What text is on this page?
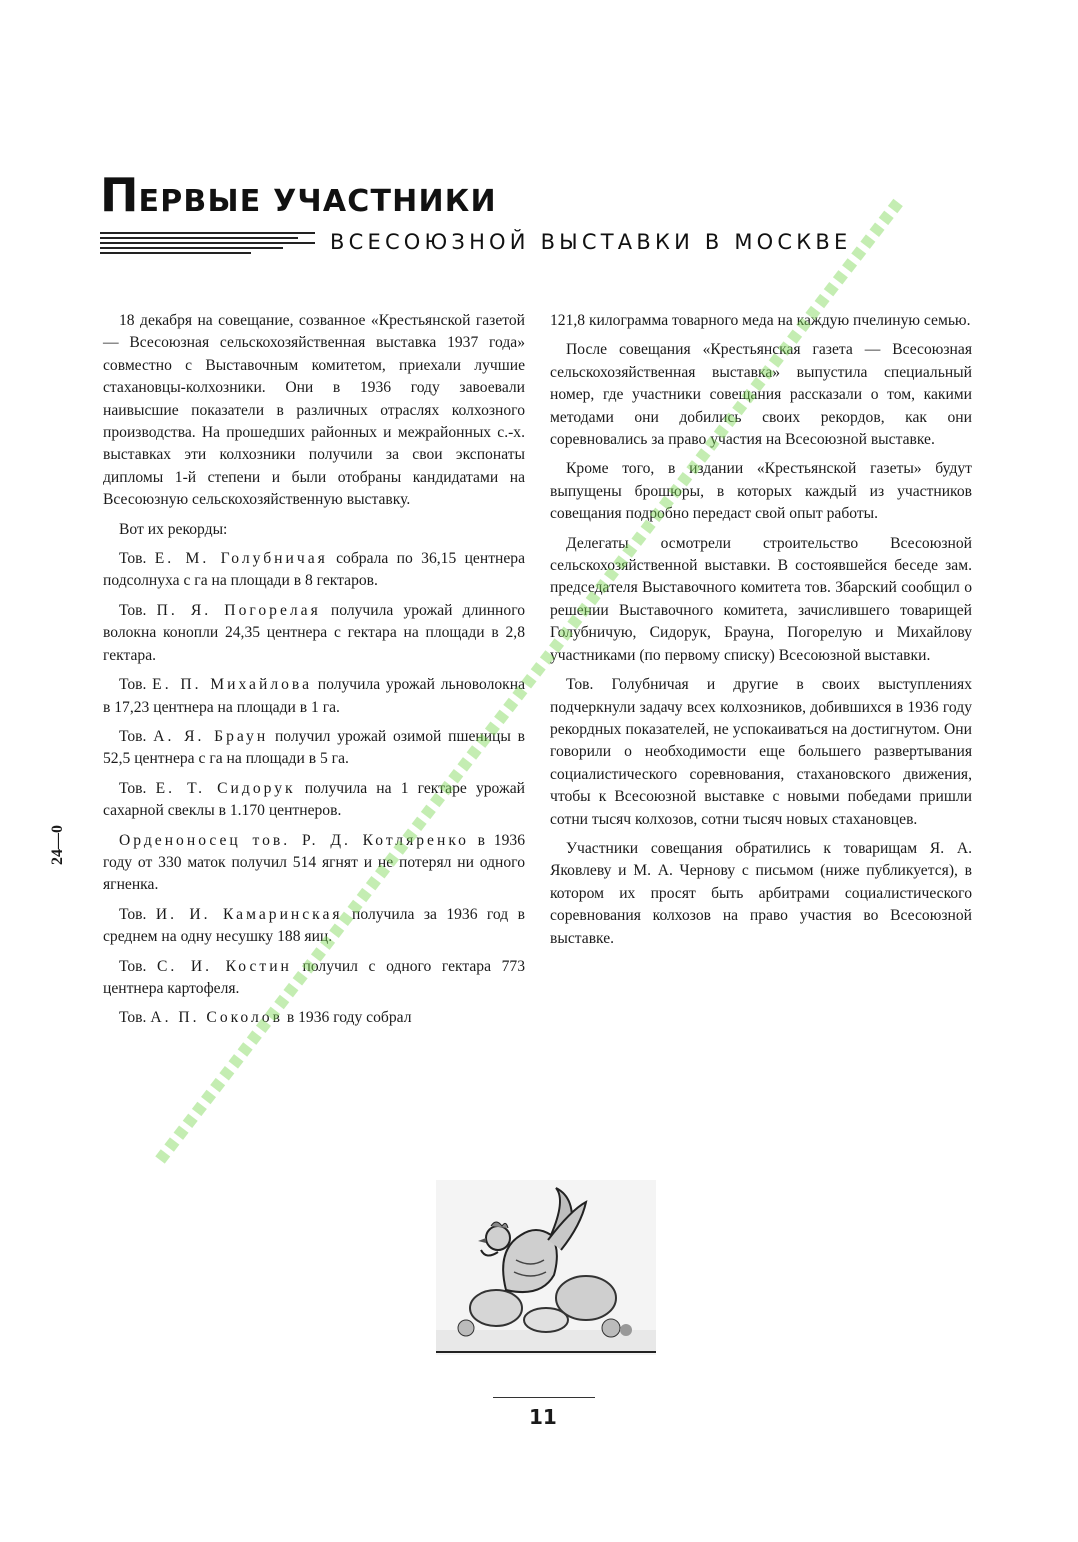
ПЕРВЫЕ УЧАСТНИКИ
ВСЕСОЮЗНОЙ ВЫСТАВКИ В МОСКВЕ
24—0

18 декабря на совещание, созванное «Крестьянской газетой — Всесоюзная сельскохозяйственная выставка 1937 года» совместно с Выставочным комитетом, приехали лучшие стахановцы-колхозники. Они в 1936 году завоевали наивысшие показатели в различных отраслях колхозного производства. На прошедших районных и межрайонных с.-х. выставках эти колхозники получили за свои экспонаты дипломы 1-й степени и были отобраны кандидатами на Всесоюзную сельскохозяйственную выставку.

Вот их рекорды:

Тов. Е. М. Голубничая собрала по 36,15 центнера подсолнуха с га на площади в 8 гектаров.

Тов. П. Я. Погорелая получила урожай длинного волокна конопли 24,35 центнера с гектара на площади в 2,8 гектара.

Тов. Е. П. Михайлова получила урожай льноволокна в 17,23 центнера на площади в 1 га.

Тов. А. Я. Браун получил урожай озимой пшеницы в 52,5 центнера с га на площади в 5 га.

Тов. Е. Т. Сидорук получила на 1 гектаре урожай сахарной свеклы в 1.170 центнеров.

Орденоносец тов. Р. Д. Котляренко в 1936 году от 330 маток получил 514 ягнят и не потерял ни одного ягненка.

Тов. И. И. Камаринская получила за 1936 год в среднем на одну несушку 188 яиц.

Тов. С. И. Костин получил с одного гектара 773 центнера картофеля.

Тов. А. П. Соколов в 1936 году собрал

121,8 килограмма товарного меда на каждую пчелиную семью.

После совещания «Крестьянская газета — Всесоюзная сельскохозяйственная выставка» выпустила специальный номер, где участники совещания рассказали о том, какими методами они добились своих рекордов, как они соревновались за право участия на Всесоюзной выставке.

Кроме того, в издании «Крестьянской газеты» будут выпущены брошюры, в которых каждый из участников совещания подробно передаст свой опыт работы.

Делегаты осмотрели строительство Всесоюзной сельскохозяйственной выставки. В состоявшейся беседе зам. председателя Выставочного комитета тов. Збарский сообщил о решении Выставочного комитета, зачислившего товарищей Голубничую, Сидорук, Брауна, Погорелую и Михайлову участниками (по первому списку) Всесоюзной выставки.

Тов. Голубничая и другие в своих выступлениях подчеркнули задачу всех колхозников, добившихся в 1936 году рекордных показателей, не успокаиваться на достигнутом. Они говорили о необходимости еще большего развертывания социалистического соревнования, стахановского движения, чтобы к Всесоюзной выставке с новыми победами пришли сотни тысяч колхозов, сотни тысяч новых стахановцев.

Участники совещания обратились к товарищам Я. А. Яковлеву и М. А. Чернову с письмом (ниже публикуется), в котором их просят быть арбитрами социалистического соревнования колхозов на право участия во Всесоюзной выставке.

11
